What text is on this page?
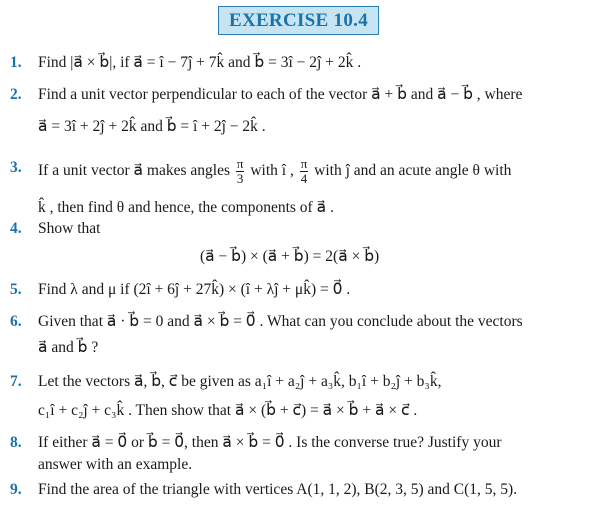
EXERCISE 10.4
1.	Find |a⃗ × b⃗|, if a⃗ = î − 7ĵ + 7k̂ and b⃗ = 3î − 2ĵ + 2k̂ .
2.	Find a unit vector perpendicular to each of the vector a⃗ + b⃗ and a⃗ − b⃗ , where
a⃗ = 3î + 2ĵ + 2k̂ and b⃗ = î + 2ĵ − 2k̂ .
3.	If a unit vector a⃗ makes angles $\frac{\pi}{3}$ with î , $\frac{\pi}{4}$ with ĵ and an acute angle θ with
k̂ , then find θ and hence, the components of a⃗ .
4.	Show that
(a⃗ − b⃗) × (a⃗ + b⃗) = 2(a⃗ × b⃗)
5.	Find λ and μ if (2î + 6ĵ + 27k̂) × (î + λĵ + μk̂) = 0⃗ .
6.	Given that a⃗ · b⃗ = 0 and a⃗ × b⃗ = 0⃗ . What can you conclude about the vectors
a⃗ and b⃗ ?
7.	Let the vectors a⃗, b⃗, c⃗ be given as a₁î + a₂ĵ + a₃k̂, b₁î + b₂ĵ + b₃k̂,
c₁î + c₂ĵ + c₃k̂ . Then show that a⃗ × (b⃗ + c⃗) = a⃗ × b⃗ + a⃗ × c⃗ .
8.	If either a⃗ = 0⃗ or b⃗ = 0⃗, then a⃗ × b⃗ = 0⃗ . Is the converse true? Justify your
answer with an example.
9.	Find the area of the triangle with vertices A(1, 1, 2), B(2, 3, 5) and C(1, 5, 5).
